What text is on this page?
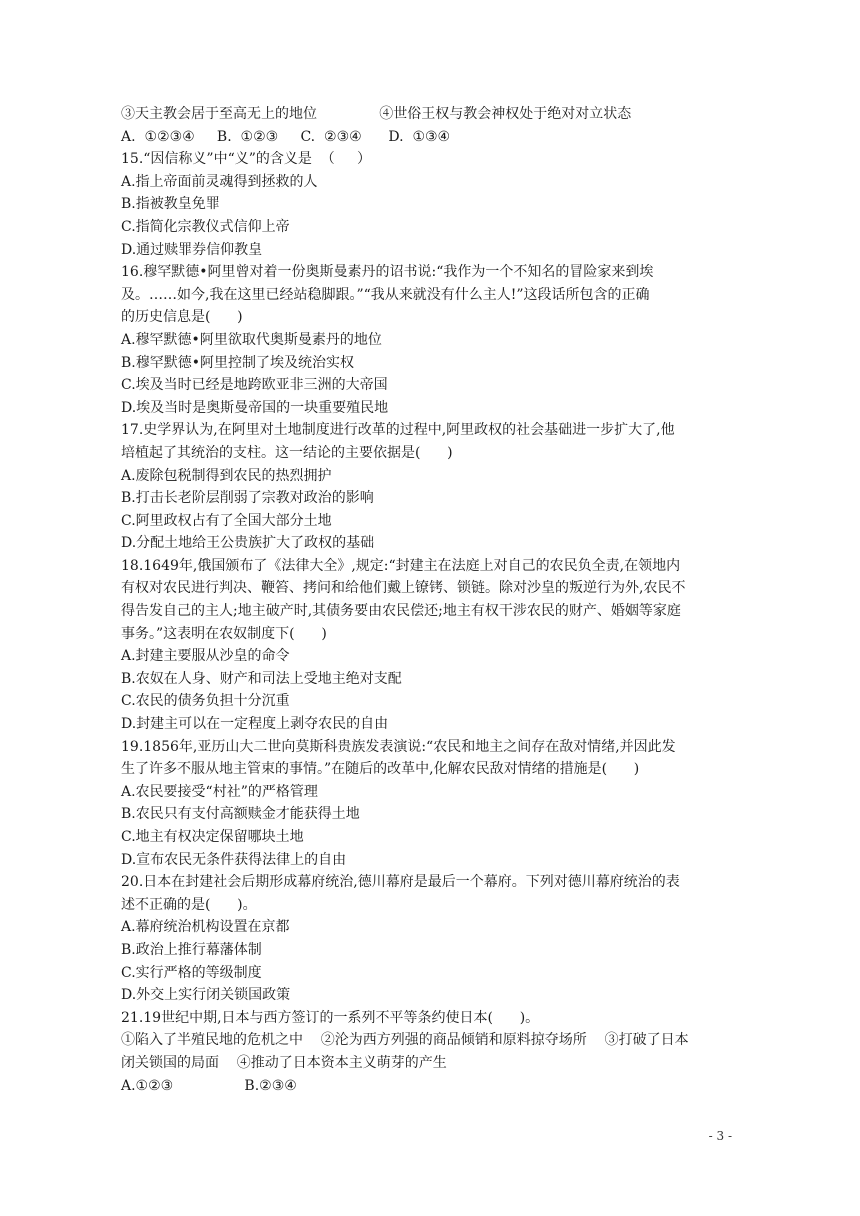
③天主教会居于至高无上的地位              ④世俗王权与教会神权处于绝对对立状态
A.  ①②③④     B.  ①②③     C.  ②③④      D.  ①③④
15.“因信称义”中“义”的含义是  （     ）
A.指上帝面前灵魂得到拯救的人
B.指被教皇免罪
C.指简化宗教仪式信仰上帝
D.通过赎罪券信仰教皇
16.穆罕默德•阿里曾对着一份奥斯曼素丹的诏书说:“我作为一个不知名的冒险家来到埃
及。……如今,我在这里已经站稳脚跟。”“我从来就没有什么主人!”这段话所包含的正确
的历史信息是(      )
A.穆罕默德•阿里欲取代奥斯曼素丹的地位
B.穆罕默德•阿里控制了埃及统治实权
C.埃及当时已经是地跨欧亚非三洲的大帝国
D.埃及当时是奥斯曼帝国的一块重要殖民地
17.史学界认为,在阿里对土地制度进行改革的过程中,阿里政权的社会基础进一步扩大了,他
培植起了其统治的支柱。这一结论的主要依据是(      )
A.废除包税制得到农民的热烈拥护
B.打击长老阶层削弱了宗教对政治的影响
C.阿里政权占有了全国大部分土地
D.分配土地给王公贵族扩大了政权的基础
18.1649年,俄国颁布了《法律大全》,规定:“封建主在法庭上对自己的农民负全责,在领地内
有权对农民进行判决、鞭笞、拷问和给他们戴上镣铐、锁链。除对沙皇的叛逆行为外,农民不
得告发自己的主人;地主破产时,其债务要由农民偿还;地主有权干涉农民的财产、婚姻等家庭
事务。”这表明在农奴制度下(      )
A.封建主要服从沙皇的命令
B.农奴在人身、财产和司法上受地主绝对支配
C.农民的债务负担十分沉重
D.封建主可以在一定程度上剥夺农民的自由
19.1856年,亚历山大二世向莫斯科贵族发表演说:“农民和地主之间存在敌对情绪,并因此发
生了许多不服从地主管束的事情。”在随后的改革中,化解农民敌对情绪的措施是(      )
A.农民要接受“村社”的严格管理
B.农民只有支付高额赎金才能获得土地
C.地主有权决定保留哪块土地
D.宣布农民无条件获得法律上的自由
20.日本在封建社会后期形成幕府统治,德川幕府是最后一个幕府。下列对德川幕府统治的表
述不正确的是(      )。
A.幕府统治机构设置在京都
B.政治上推行幕藩体制
C.实行严格的等级制度
D.外交上实行闭关锁国政策
21.19世纪中期,日本与西方签订的一系列不平等条约使日本(      )。
①陷入了半殖民地的危机之中    ②沦为西方列强的商品倾销和原料掠夺场所    ③打破了日本
闭关锁国的局面    ④推动了日本资本主义萌芽的产生
A.①②③                B.②③④
- 3 -
